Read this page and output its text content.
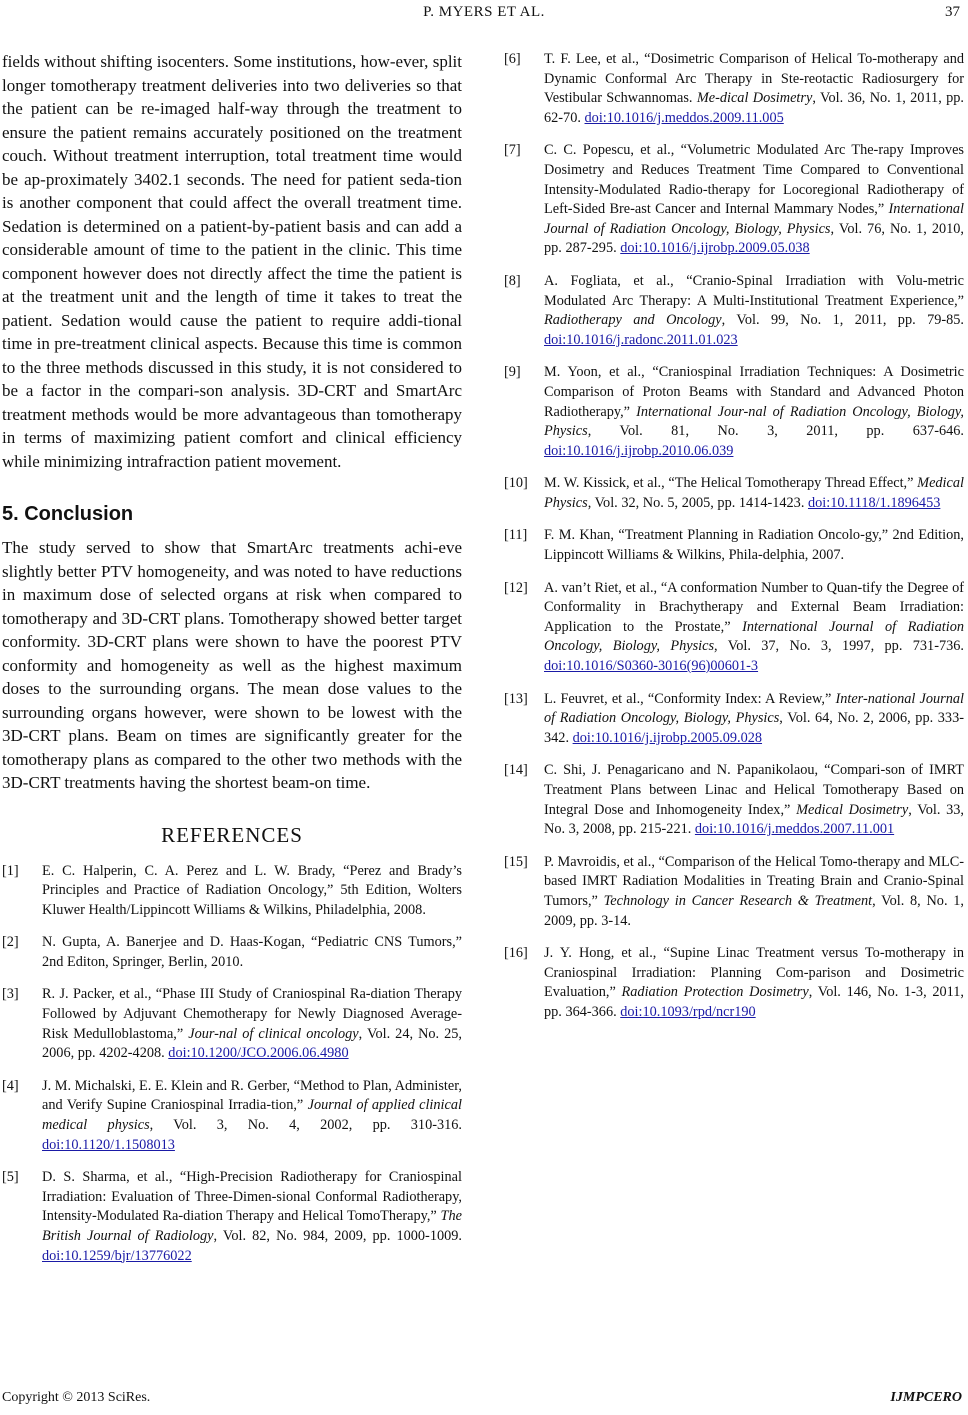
P. MYERS ET AL.	37

fields without shifting isocenters. Some institutions, how-ever, split longer tomotherapy treatment deliveries into two deliveries so that the patient can be re-imaged half-way through the treatment to ensure the patient remains accurately positioned on the treatment couch. Without treatment interruption, total treatment time would be ap-proximately 3402.1 seconds. The need for patient seda-tion is another component that could affect the overall treatment time. Sedation is determined on a patient-by-patient basis and can add a considerable amount of time to the patient in the clinic. This time component however does not directly affect the time the patient is at the treatment unit and the length of time it takes to treat the patient. Sedation would cause the patient to require addi-tional time in pre-treatment clinical aspects. Because this time is common to the three methods discussed in this study, it is not considered to be a factor in the compari-son analysis. 3D-CRT and SmartArc treatment methods would be more advantageous than tomotherapy in terms of maximizing patient comfort and clinical efficiency while minimizing intrafraction patient movement.

5. Conclusion

The study served to show that SmartArc treatments achi-eve slightly better PTV homogeneity, and was noted to have reductions in maximum dose of selected organs at risk when compared to tomotherapy and 3D-CRT plans. Tomotherapy showed better target conformity. 3D-CRT plans were shown to have the poorest PTV conformity and homogeneity as well as the highest maximum doses to the surrounding organs. The mean dose values to the surrounding organs however, were shown to be lowest with the 3D-CRT plans. Beam on times are significantly greater for the tomotherapy plans as compared to the other two methods with the 3D-CRT treatments having the shortest beam-on time.

REFERENCES
[1] E. C. Halperin, C. A. Perez and L. W. Brady, “Perez and Brady’s Principles and Practice of Radiation Oncology,” 5th Edition, Wolters Kluwer Health/Lippincott Williams & Wilkins, Philadelphia, 2008.
[2] N. Gupta, A. Banerjee and D. Haas-Kogan, “Pediatric CNS Tumors,” 2nd Editon, Springer, Berlin, 2010.
[3] R. J. Packer, et al., “Phase III Study of Craniospinal Ra-diation Therapy Followed by Adjuvant Chemotherapy for Newly Diagnosed Average-Risk Medulloblastoma,” Jour-nal of clinical oncology, Vol. 24, No. 25, 2006, pp. 4202-4208. doi:10.1200/JCO.2006.06.4980
[4] J. M. Michalski, E. E. Klein and R. Gerber, “Method to Plan, Administer, and Verify Supine Craniospinal Irradia-tion,” Journal of applied clinical medical physics, Vol. 3, No. 4, 2002, pp. 310-316. doi:10.1120/1.1508013
[5] D. S. Sharma, et al., “High-Precision Radiotherapy for Craniospinal Irradiation: Evaluation of Three-Dimen-sional Conformal Radiotherapy, Intensity-Modulated Ra-diation Therapy and Helical TomoTherapy,” The British Journal of Radiology, Vol. 82, No. 984, 2009, pp. 1000-1009. doi:10.1259/bjr/13776022
[6] T. F. Lee, et al., “Dosimetric Comparison of Helical To-motherapy and Dynamic Conformal Arc Therapy in Ste-reotactic Radiosurgery for Vestibular Schwannomas. Me-dical Dosimetry, Vol. 36, No. 1, 2011, pp. 62-70. doi:10.1016/j.meddos.2009.11.005
[7] C. C. Popescu, et al., “Volumetric Modulated Arc The-rapy Improves Dosimetry and Reduces Treatment Time Compared to Conventional Intensity-Modulated Radio-therapy for Locoregional Radiotherapy of Left-Sided Bre-ast Cancer and Internal Mammary Nodes,” International Journal of Radiation Oncology, Biology, Physics, Vol. 76, No. 1, 2010, pp. 287-295. doi:10.1016/j.ijrobp.2009.05.038
[8] A. Fogliata, et al., “Cranio-Spinal Irradiation with Volu-metric Modulated Arc Therapy: A Multi-Institutional Treatment Experience,” Radiotherapy and Oncology, Vol. 99, No. 1, 2011, pp. 79-85. doi:10.1016/j.radonc.2011.01.023
[9] M. Yoon, et al., “Craniospinal Irradiation Techniques: A Dosimetric Comparison of Proton Beams with Standard and Advanced Photon Radiotherapy,” International Jour-nal of Radiation Oncology, Biology, Physics, Vol. 81, No. 3, 2011, pp. 637-646. doi:10.1016/j.ijrobp.2010.06.039
[10] M. W. Kissick, et al., “The Helical Tomotherapy Thread Effect,” Medical Physics, Vol. 32, No. 5, 2005, pp. 1414-1423. doi:10.1118/1.1896453
[11] F. M. Khan, “Treatment Planning in Radiation Oncolo-gy,” 2nd Edition, Lippincott Williams & Wilkins, Phila-delphia, 2007.
[12] A. van’t Riet, et al., “A conformation Number to Quan-tify the Degree of Conformality in Brachytherapy and External Beam Irradiation: Application to the Prostate,” International Journal of Radiation Oncology, Biology, Physics, Vol. 37, No. 3, 1997, pp. 731-736. doi:10.1016/S0360-3016(96)00601-3
[13] L. Feuvret, et al., “Conformity Index: A Review,” Inter-national Journal of Radiation Oncology, Biology, Physics, Vol. 64, No. 2, 2006, pp. 333-342. doi:10.1016/j.ijrobp.2005.09.028
[14] C. Shi, J. Penagaricano and N. Papanikolaou, “Compari-son of IMRT Treatment Plans between Linac and Helical Tomotherapy Based on Integral Dose and Inhomogeneity Index,” Medical Dosimetry, Vol. 33, No. 3, 2008, pp. 215-221. doi:10.1016/j.meddos.2007.11.001
[15] P. Mavroidis, et al., “Comparison of the Helical Tomo-therapy and MLC-based IMRT Radiation Modalities in Treating Brain and Cranio-Spinal Tumors,” Technology in Cancer Research & Treatment, Vol. 8, No. 1, 2009, pp. 3-14.
[16] J. Y. Hong, et al., “Supine Linac Treatment versus To-motherapy in Craniospinal Irradiation: Planning Com-parison and Dosimetric Evaluation,” Radiation Protection Dosimetry, Vol. 146, No. 1-3, 2011, pp. 364-366. doi:10.1093/rpd/ncr190
Copyright © 2013 SciRes.	IJMPCERO
